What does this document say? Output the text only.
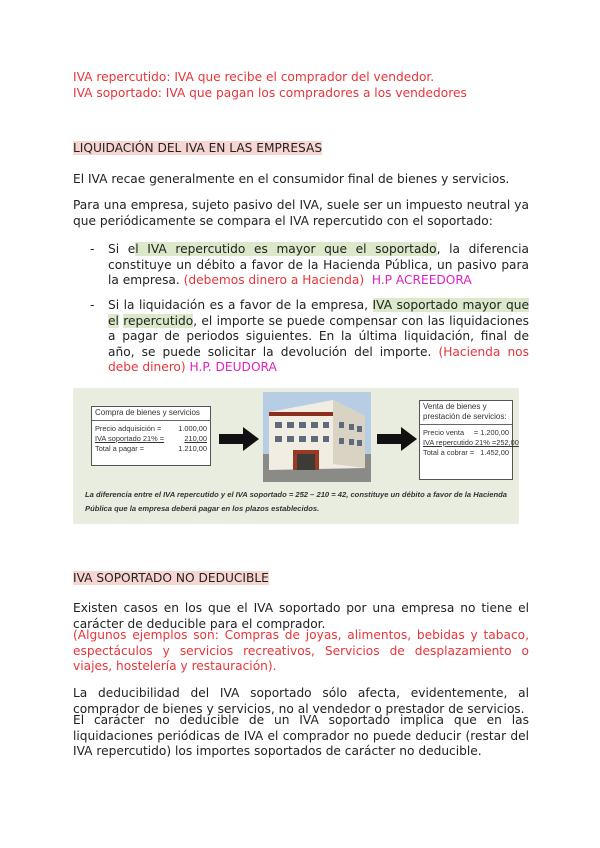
IVA repercutido: IVA que recibe el comprador del vendedor.

IVA soportado: IVA que pagan los compradores a los vendedores

LIQUIDACIÓN DEL IVA EN LAS EMPRESAS

El IVA recae generalmente en el consumidor final de bienes y servicios.

Para una empresa, sujeto pasivo del IVA, suele ser un impuesto neutral ya que periódicamente se compara el IVA repercutido con el soportado:

- Si el IVA repercutido es mayor que el soportado, la diferencia constituye un débito a favor de la Hacienda Pública, un pasivo para la empresa. (debemos dinero a Hacienda) H.P ACREEDORA
- Si la liquidación es a favor de la empresa, IVA soportado mayor que el repercutido, el importe se puede compensar con las liquidaciones a pagar de periodos siguientes. En la última liquidación, final de año, se puede solicitar la devolución del importe. (Hacienda nos debe dinero) H.P. DEUDORA
Compra de bienes y servicios
Precio adquisición = 1.000,00
IVA soportado 21% =	210,00
Total a pagar =	1.210,00
Venta de bienes y prestación de servicios:
Precio venta = 1.200,00
IVA repercutido 21% = 252,00
Total a cobrar = 1.452,00
La diferencia entre el IVA repercutido y el IVA soportado = 252 – 210 = 42, constituye un débito a favor de la Hacienda Pública que la empresa deberá pagar en los plazos establecidos.

IVA SOPORTADO NO DEDUCIBLE

Existen casos en los que el IVA soportado por una empresa no tiene el carácter de deducible para el comprador.

(Algunos ejemplos son: Compras de joyas, alimentos, bebidas y tabaco, espectáculos y servicios recreativos, Servicios de desplazamiento o viajes, hostelería y restauración).

La deducibilidad del IVA soportado sólo afecta, evidentemente, al comprador de bienes y servicios, no al vendedor o prestador de servicios.

El carácter no deducible de un IVA soportado implica que en las liquidaciones periódicas de IVA el comprador no puede deducir (restar del IVA repercutido) los importes soportados de carácter no deducible.
